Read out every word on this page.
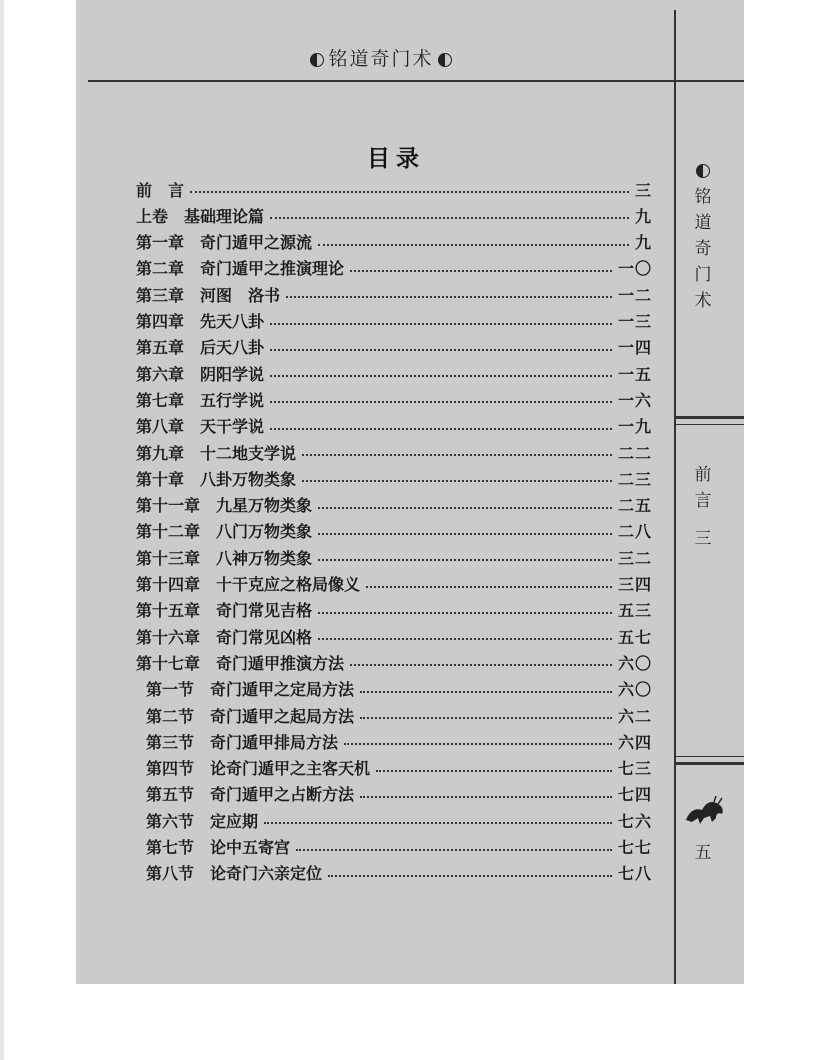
铭道奇门术
目录
前　言	三
上卷　基础理论篇	九
第一章　奇门遁甲之源流	九
第二章　奇门遁甲之推演理论	一〇
第三章　河图　洛书	一二
第四章　先天八卦	一三
第五章　后天八卦	一四
第六章　阴阳学说	一五
第七章　五行学说	一六
第八章　天干学说	一九
第九章　十二地支学说	二二
第十章　八卦万物类象	二三
第十一章　九星万物类象	二五
第十二章　八门万物类象	二八
第十三章　八神万物类象	三二
第十四章　十干克应之格局像义	三四
第十五章　奇门常见吉格	五三
第十六章　奇门常见凶格	五七
第十七章　奇门遁甲推演方法	六〇
第一节　奇门遁甲之定局方法	六〇
第二节　奇门遁甲之起局方法	六二
第三节　奇门遁甲排局方法	六四
第四节　论奇门遁甲之主客天机	七三
第五节　奇门遁甲之占断方法	七四
第六节　定应期	七六
第七节　论中五寄宫	七七
第八节　论奇门六亲定位	七八
铭
道
奇
门
术
前
言
三
五
